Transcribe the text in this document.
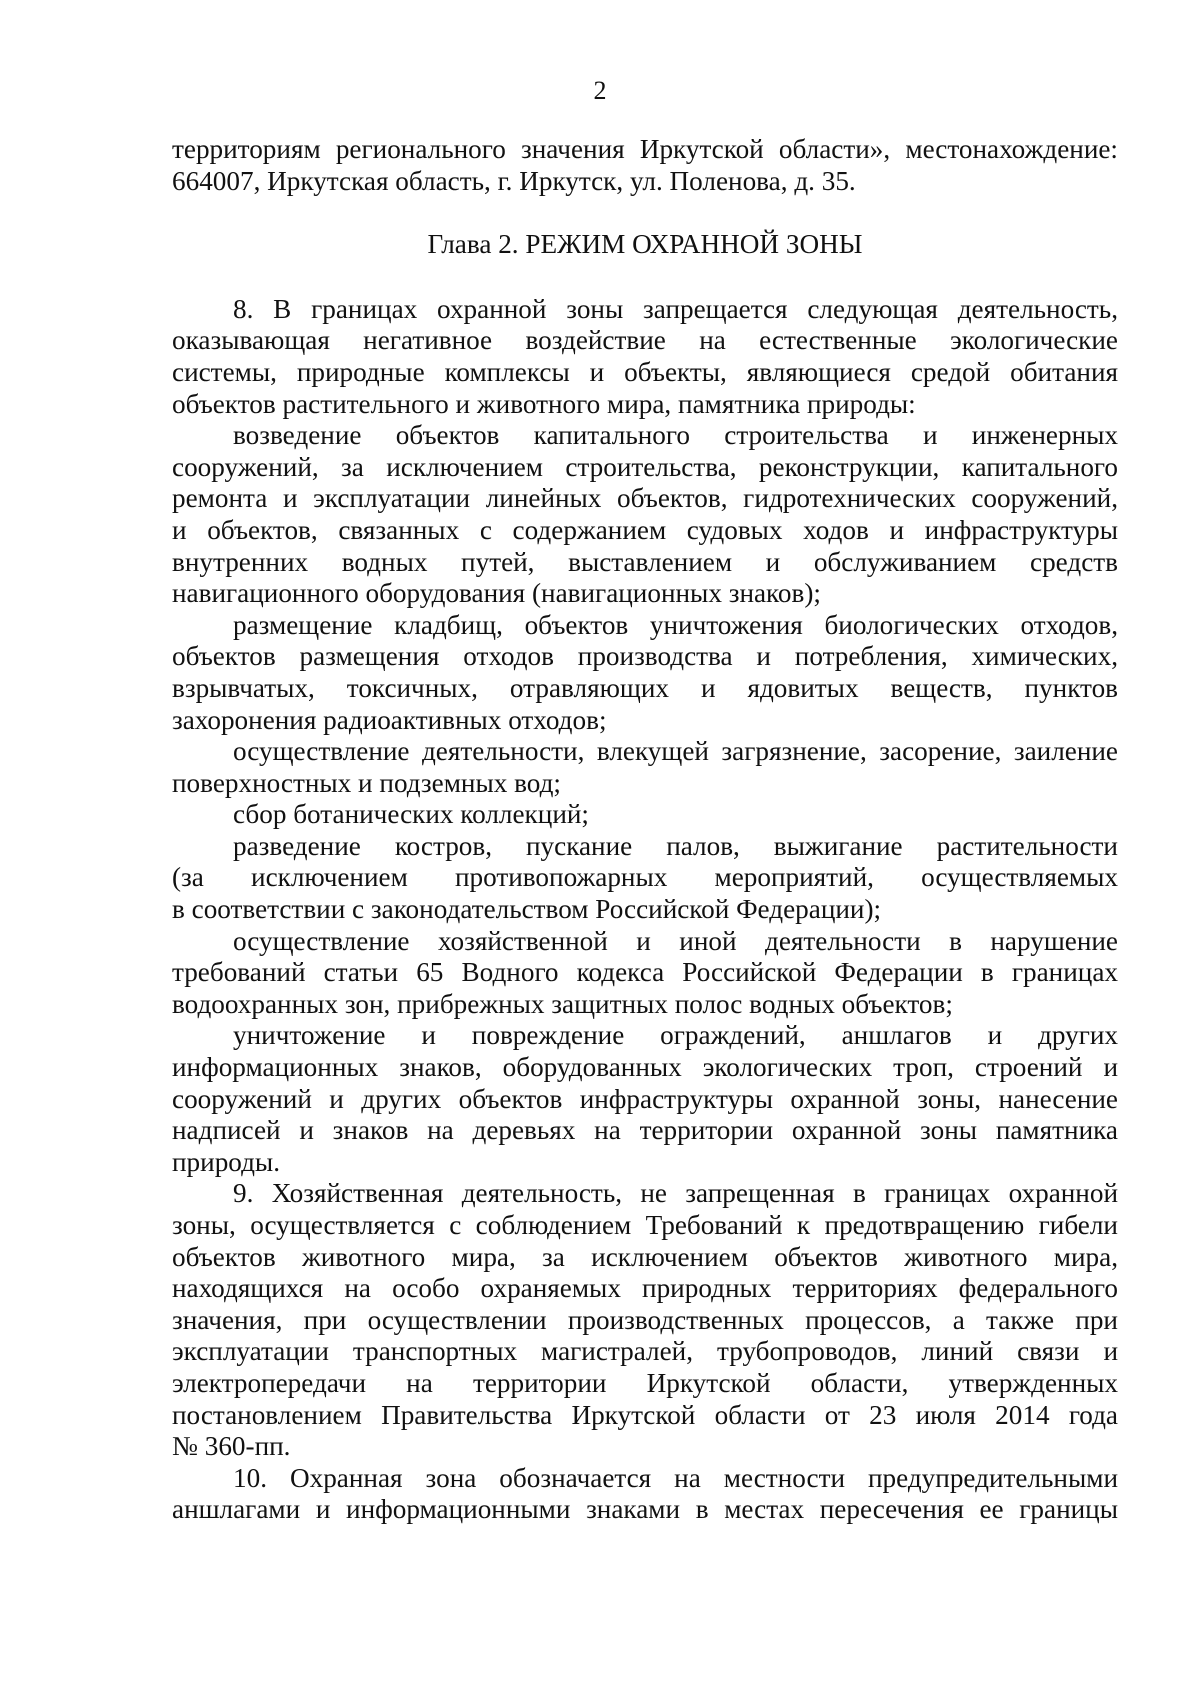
2
территориям регионального значения Иркутской области», местонахождение:
664007, Иркутская область, г. Иркутск, ул. Поленова, д. 35.
Глава 2. РЕЖИМ ОХРАННОЙ ЗОНЫ
8. В границах охранной зоны запрещается следующая деятельность,
оказывающая негативное воздействие на естественные экологические
системы, природные комплексы и объекты, являющиеся средой обитания
объектов растительного и животного мира, памятника природы:
возведение объектов капитального строительства и инженерных
сооружений, за исключением строительства, реконструкции, капитального
ремонта и эксплуатации линейных объектов, гидротехнических сооружений,
и объектов, связанных с содержанием судовых ходов и инфраструктуры
внутренних водных путей, выставлением и обслуживанием средств
навигационного оборудования (навигационных знаков);
размещение кладбищ, объектов уничтожения биологических отходов,
объектов размещения отходов производства и потребления, химических,
взрывчатых, токсичных, отравляющих и ядовитых веществ, пунктов
захоронения радиоактивных отходов;
осуществление деятельности, влекущей загрязнение, засорение, заиление
поверхностных и подземных вод;
сбор ботанических коллекций;
разведение костров, пускание палов, выжигание растительности
(за исключением противопожарных мероприятий, осуществляемых
в соответствии с законодательством Российской Федерации);
осуществление хозяйственной и иной деятельности в нарушение
требований статьи 65 Водного кодекса Российской Федерации в границах
водоохранных зон, прибрежных защитных полос водных объектов;
уничтожение и повреждение ограждений, аншлагов и других
информационных знаков, оборудованных экологических троп, строений и
сооружений и других объектов инфраструктуры охранной зоны, нанесение
надписей и знаков на деревьях на территории охранной зоны памятника
природы.
9. Хозяйственная деятельность, не запрещенная в границах охранной
зоны, осуществляется с соблюдением Требований к предотвращению гибели
объектов животного мира, за исключением объектов животного мира,
находящихся на особо охраняемых природных территориях федерального
значения, при осуществлении производственных процессов, а также при
эксплуатации транспортных магистралей, трубопроводов, линий связи и
электропередачи на территории Иркутской области, утвержденных
постановлением Правительства Иркутской области от 23 июля 2014 года
№ 360-пп.
10. Охранная зона обозначается на местности предупредительными
аншлагами и информационными знаками в местах пересечения ее границы
